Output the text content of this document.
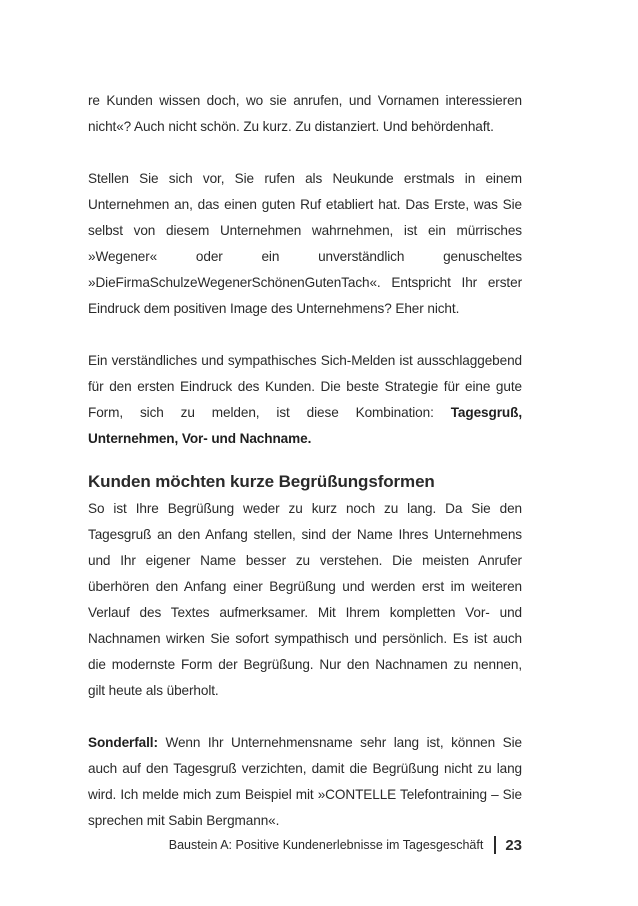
re Kunden wissen doch, wo sie anrufen, und Vornamen interessieren nicht«? Auch nicht schön. Zu kurz. Zu distanziert. Und behördenhaft.

Stellen Sie sich vor, Sie rufen als Neukunde erstmals in einem Unternehmen an, das einen guten Ruf etabliert hat. Das Erste, was Sie selbst von diesem Unternehmen wahrnehmen, ist ein mürrisches »Wegener« oder ein unverständlich genuscheltes »DieFirmaSchulzeWegenerSchönenGutenTach«. Entspricht Ihr erster Eindruck dem positiven Image des Unternehmens? Eher nicht.

Ein verständliches und sympathisches Sich-Melden ist ausschlaggebend für den ersten Eindruck des Kunden. Die beste Strategie für eine gute Form, sich zu melden, ist diese Kombination: Tagesgruß, Unternehmen, Vor- und Nachname.

Kunden möchten kurze Begrüßungsformen

So ist Ihre Begrüßung weder zu kurz noch zu lang. Da Sie den Tagesgruß an den Anfang stellen, sind der Name Ihres Unternehmens und Ihr eigener Name besser zu verstehen. Die meisten Anrufer überhören den Anfang einer Begrüßung und werden erst im weiteren Verlauf des Textes aufmerksamer. Mit Ihrem kompletten Vor- und Nachnamen wirken Sie sofort sympathisch und persönlich. Es ist auch die modernste Form der Begrüßung. Nur den Nachnamen zu nennen, gilt heute als überholt.

Sonderfall: Wenn Ihr Unternehmensname sehr lang ist, können Sie auch auf den Tagesgruß verzichten, damit die Begrüßung nicht zu lang wird. Ich melde mich zum Beispiel mit »CONTELLE Telefontraining – Sie sprechen mit Sabin Bergmann«.

Baustein A: Positive Kundenerlebnisse im Tagesgeschäft 23
